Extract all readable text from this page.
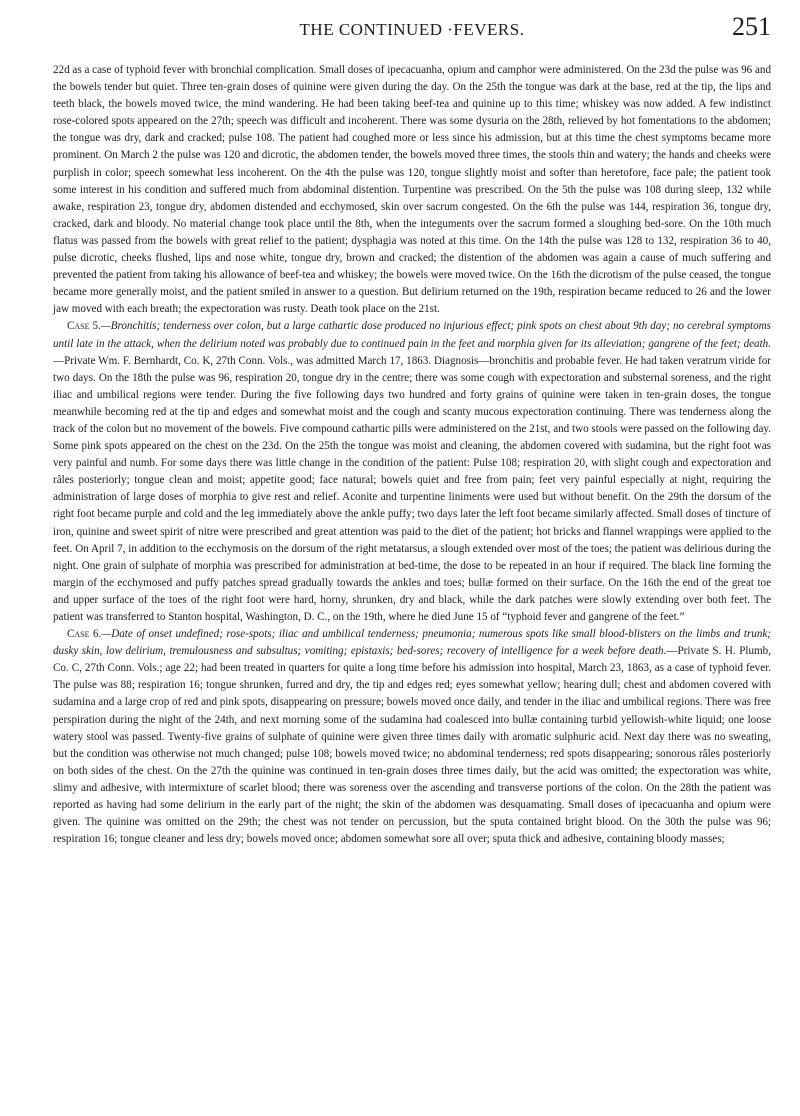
THE CONTINUED ·FEVERS.	251

22d as a case of typhoid fever with bronchial complication. Small doses of ipecacuanha, opium and camphor were administered. On the 23d the pulse was 96 and the bowels tender but quiet. Three ten-grain doses of quinine were given during the day. On the 25th the tongue was dark at the base, red at the tip, the lips and teeth black, the bowels moved twice, the mind wandering. He had been taking beef-tea and quinine up to this time; whiskey was now added. A few indistinct rose-colored spots appeared on the 27th; speech was difficult and incoherent. There was some dysuria on the 28th, relieved by hot fomentations to the abdomen; the tongue was dry, dark and cracked; pulse 108. The patient had coughed more or less since his admission, but at this time the chest symptoms became more prominent. On March 2 the pulse was 120 and dicrotic, the abdomen tender, the bowels moved three times, the stools thin and watery; the hands and cheeks were purplish in color; speech somewhat less incoherent. On the 4th the pulse was 120, tongue slightly moist and softer than heretofore, face pale; the patient took some interest in his condition and suffered much from abdominal distention. Turpentine was prescribed. On the 5th the pulse was 108 during sleep, 132 while awake, respiration 23, tongue dry, abdomen distended and ecchymosed, skin over sacrum congested. On the 6th the pulse was 144, respiration 36, tongue dry, cracked, dark and bloody. No material change took place until the 8th, when the integuments over the sacrum formed a sloughing bed-sore. On the 10th much flatus was passed from the bowels with great relief to the patient; dysphagia was noted at this time. On the 14th the pulse was 128 to 132, respiration 36 to 40, pulse dicrotic, cheeks flushed, lips and nose white, tongue dry, brown and cracked; the distention of the abdomen was again a cause of much suffering and prevented the patient from taking his allowance of beef-tea and whiskey; the bowels were moved twice. On the 16th the dicrotism of the pulse ceased, the tongue became more generally moist, and the patient smiled in answer to a question. But delirium returned on the 19th, respiration became reduced to 26 and the lower jaw moved with each breath; the expectoration was rusty. Death took place on the 21st.

Case 5.—Bronchitis; tenderness over colon, but a large cathartic dose produced no injurious effect; pink spots on chest about 9th day; no cerebral symptoms until late in the attack, when the delirium noted was probably due to continued pain in the feet and morphia given for its alleviation; gangrene of the feet; death.—Private Wm. F. Bernhardt, Co. K, 27th Conn. Vols., was admitted March 17, 1863. Diagnosis—bronchitis and probable fever. He had taken veratrum viride for two days. On the 18th the pulse was 96, respiration 20, tongue dry in the centre; there was some cough with expectoration and substernal soreness, and the right iliac and umbilical regions were tender. During the five following days two hundred and forty grains of quinine were taken in ten-grain doses, the tongue meanwhile becoming red at the tip and edges and somewhat moist and the cough and scanty mucous expectoration continuing. There was tenderness along the track of the colon but no movement of the bowels. Five compound cathartic pills were administered on the 21st, and two stools were passed on the following day. Some pink spots appeared on the chest on the 23d. On the 25th the tongue was moist and cleaning, the abdomen covered with sudamina, but the right foot was very painful and numb. For some days there was little change in the condition of the patient: Pulse 108; respiration 20, with slight cough and expectoration and râles posteriorly; tongue clean and moist; appetite good; face natural; bowels quiet and free from pain; feet very painful especially at night, requiring the administration of large doses of morphia to give rest and relief. Aconite and turpentine liniments were used but without benefit. On the 29th the dorsum of the right foot became purple and cold and the leg immediately above the ankle puffy; two days later the left foot became similarly affected. Small doses of tincture of iron, quinine and sweet spirit of nitre were prescribed and great attention was paid to the diet of the patient; hot bricks and flannel wrappings were applied to the feet. On April 7, in addition to the ecchymosis on the dorsum of the right metatarsus, a slough extended over most of the toes; the patient was delirious during the night. One grain of sulphate of morphia was prescribed for administration at bed-time, the dose to be repeated in an hour if required. The black line forming the margin of the ecchymosed and puffy patches spread gradually towards the ankles and toes; bullæ formed on their surface. On the 16th the end of the great toe and upper surface of the toes of the right foot were hard, horny, shrunken, dry and black, while the dark patches were slowly extending over both feet. The patient was transferred to Stanton hospital, Washington, D. C., on the 19th, where he died June 15 of “typhoid fever and gangrene of the feet.”

Case 6.—Date of onset undefined; rose-spots; iliac and umbilical tenderness; pneumonia; numerous spots like small blood-blisters on the limbs and trunk; dusky skin, low delirium, tremulousness and subsultus; vomiting; epistaxis; bed-sores; recovery of intelligence for a week before death.—Private S. H. Plumb, Co. C, 27th Conn. Vols.; age 22; had been treated in quarters for quite a long time before his admission into hospital, March 23, 1863, as a case of typhoid fever. The pulse was 88; respiration 16; tongue shrunken, furred and dry, the tip and edges red; eyes somewhat yellow; hearing dull; chest and abdomen covered with sudamina and a large crop of red and pink spots, disappearing on pressure; bowels moved once daily, and tender in the iliac and umbilical regions. There was free perspiration during the night of the 24th, and next morning some of the sudamina had coalesced into bullæ containing turbid yellowish-white liquid; one loose watery stool was passed. Twenty-five grains of sulphate of quinine were given three times daily with aromatic sulphuric acid. Next day there was no sweating, but the condition was otherwise not much changed; pulse 108; bowels moved twice; no abdominal tenderness; red spots disappearing; sonorous râles posteriorly on both sides of the chest. On the 27th the quinine was continued in ten-grain doses three times daily, but the acid was omitted; the expectoration was white, slimy and adhesive, with intermixture of scarlet blood; there was soreness over the ascending and transverse portions of the colon. On the 28th the patient was reported as having had some delirium in the early part of the night; the skin of the abdomen was desquamating. Small doses of ipecacuanha and opium were given. The quinine was omitted on the 29th; the chest was not tender on percussion, but the sputa contained bright blood. On the 30th the pulse was 96; respiration 16; tongue cleaner and less dry; bowels moved once; abdomen somewhat sore all over; sputa thick and adhesive, containing bloody masses;
